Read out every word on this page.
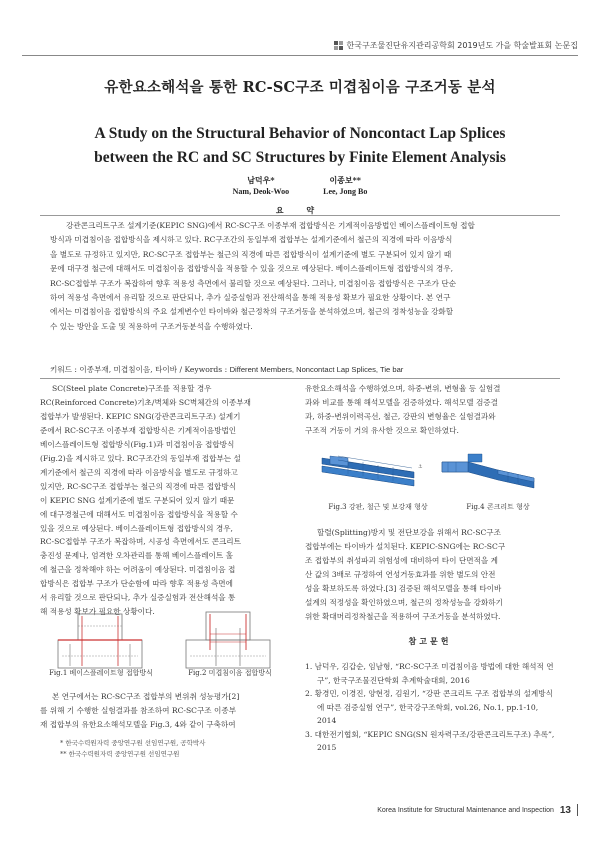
한국구조물진단유지관리공학회 2019년도 가을 학술발표회 논문집
유한요소해석을 통한 RC-SC구조 미겹침이음 구조거동 분석
A Study on the Structural Behavior of Noncontact Lap Splices
between the RC and SC Structures by Finite Element Analysis
남덕우*
Nam, Deok-Woo
이종보**
Lee, Jong Bo
요 약
강관콘크리트구조 설계기준(KEPIC SNG)에서 RC-SC구조 이종부재 접합방식은 기계적이음방법인 베이스플레이트형 접합
방식과 미겹침이음 접합방식을 제시하고 있다. RC구조간의 동일부재 접합부는 설계기준에서 철근의 직경에 따라 이음방식
을 별도로 규정하고 있지만, RC-SC구조 접합부는 철근의 직경에 따른 접합방식이 설계기준에 별도 구분되어 있지 않기 때
문에 대구경 철근에 대해서도 미겹침이음 접합방식을 적용할 수 있을 것으로 예상된다. 베이스플레이트형 접합방식의 경우,
RC-SC접합부 구조가 복잡하여 향후 적용성 측면에서 불리할 것으로 예상된다. 그러나, 미겹침이음 접합방식은 구조가 단순
하여 적용성 측면에서 유리할 것으로 판단되나, 추가 실증실험과 전산해석을 통해 적용성 확보가 필요한 상황이다. 본 연구
에서는 미겹침이음 접합방식의 주요 설계변수인 타이바와 철근정착의 구조거동을 분석하였으며, 철근의 정착성능을 강화할
수 있는 방안을 도출 및 적용하여 구조거동분석을 수행하였다.
키워드 : 이종부재, 미겹침이음, 타이바 / Keywords : Different Members, Noncontact Lap Splices, Tie bar
SC(Steel plate Concrete)구조를 적용할 경우
RC(Reinforced Concrete)기초/벽체와 SC벽체간의 이종부재
접합부가 발생된다. KEPIC SNG(강관콘크리트구조) 설계기
준에서 RC-SC구조 이종부재 접합방식은 기계적이음방법인
베이스플레이트형 접합방식(Fig.1)과 미겹침이음 접합방식
(Fig.2)을 제시하고 있다. RC구조간의 동일부재 접합부는 설
계기준에서 철근의 직경에 따라 이음방식을 별도로 규정하고
있지만, RC-SC구조 접합부는 철근의 직경에 따른 접합방식
이 KEPIC SNG 설계기준에 별도 구분되어 있지 않기 때문
에 대구경철근에 대해서도 미겹침이음 접합방식을 적용할 수
있을 것으로 예상된다. 베이스플레이트형 접합방식의 경우,
RC-SC접합부 구조가 복잡하며, 시공성 측면에서도 콘크리트
충진성 문제나, 엄격한 오차관리를 통해 베이스플레이트 홀
에 철근을 정착해야 하는 어려움이 예상된다. 미겹침이음 접
합방식은 접합부 구조가 단순함에 따라 향후 적용성 측면에
서 유리할 것으로 판단되나, 추가 실증실험과 전산해석을 통
해 적용성 확보가 필요한 상황이다.
Fig.1 베이스플레이트형 접합방식	Fig.2 미겹침이음 접합방식
본 연구에서는 RC-SC구조 접합부의 변위취 성능평가[2]
를 위해 기 수행한 실험결과를 참조하여 RC-SC구조 이종부
재 접합부의 유한요소해석모델을 Fig.3, 4와 같이 구축하여
* 한국수력원자력 중앙연구원 선임연구원, 공학박사
** 한국수력원자력 중앙연구원 선임연구원
유한요소해석을 수행하였으며, 하중-변위, 변형율 등 실험결
과와 비교를 통해 해석모델을 검증하였다. 해석모델 검증결
과, 하중-변위이력곡선, 철근, 강판의 변형율은 실험결과와
구조적 거동이 거의 유사한 것으로 확인하였다.
⚓
Fig.3 강판, 철근 및 보강재 형상	Fig.4 콘크리트 형상
할렬(Splitting)방지 및 전단보강을 위해서 RC-SC구조
접합부에는 타이바가 설치된다. KEPIC-SNG에는 RC-SC구
조 접합부의 취성파괴 위험성에 대비하여 타이 단면적을 계
산 값의 3배로 규정하여 연성거동효과를 위한 별도의 안전
성을 확보하도록 하였다.[3] 검증된 해석모델을 통해 타이바
설계의 적정성을 확인하였으며, 철근의 정착성능을 강화하기
위한 확대머리정착철근을 적용하여 구조거동을 분석하였다.
참고문헌

1. 남덕우, 김갑순, 임남형, “RC-SC구조 미겹침이음 방법에 대한 해석적 연구”, 한국구조물진단학회 추계학술대회, 2016

2. 황경민, 이경진, 양현정, 김원기, “강판 콘크리트 구조 접합부의 설계방식에 따른 검증실험 연구”, 한국강구조학회, vol.26, No.1, pp.1-10, 2014

3. 대한전기협회, “KEPIC SNG(SN 원자력구조/강판콘크리트구조) 추록”, 2015

Korea Institute for Structural Maintenance and Inspection 13
